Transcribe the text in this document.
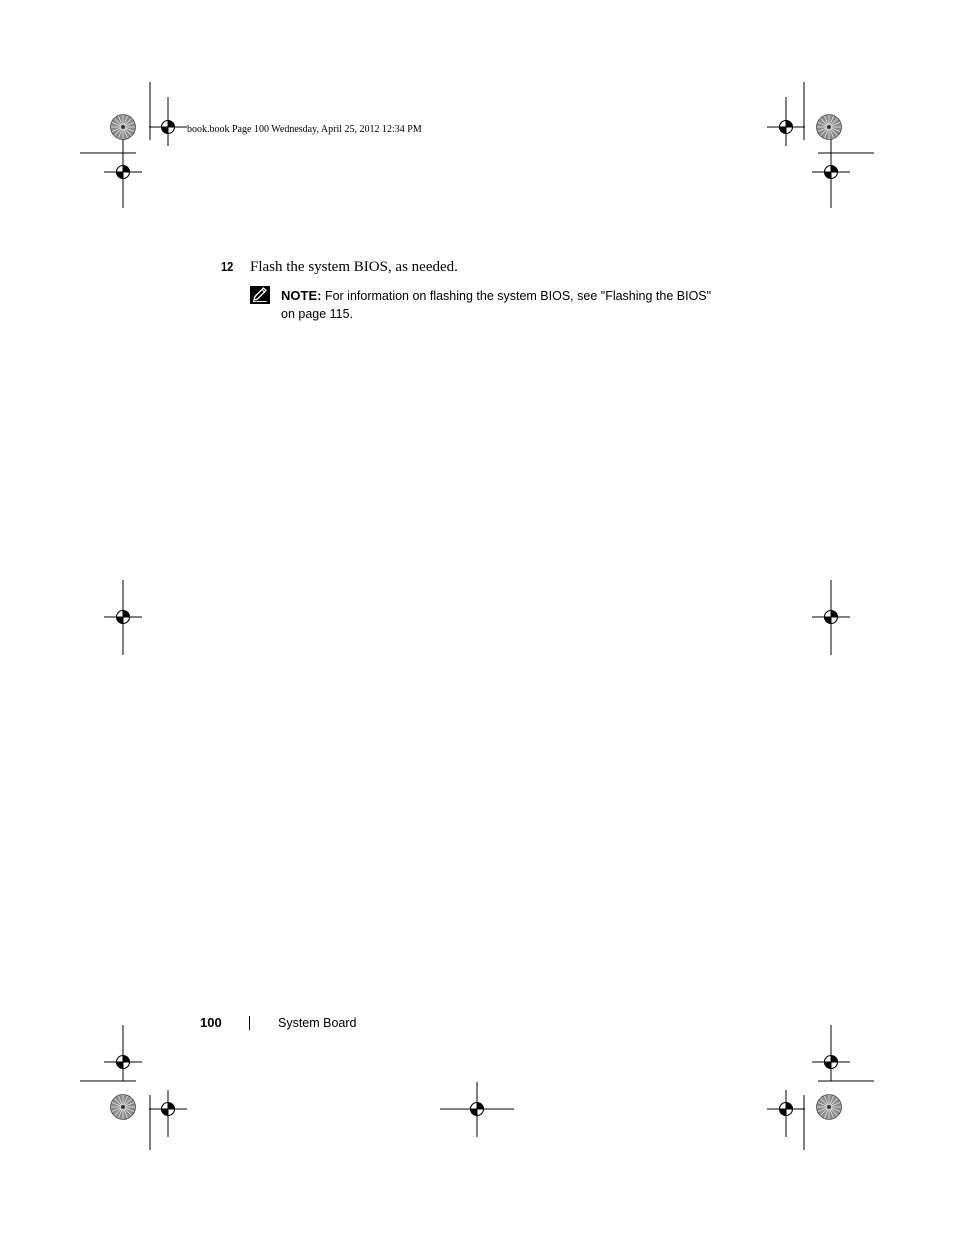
book.book Page 100 Wednesday, April 25, 2012 12:34 PM
12	Flash the system BIOS, as needed.
NOTE: For information on flashing the system BIOS, see "Flashing the BIOS" on page 115.
100	System Board
